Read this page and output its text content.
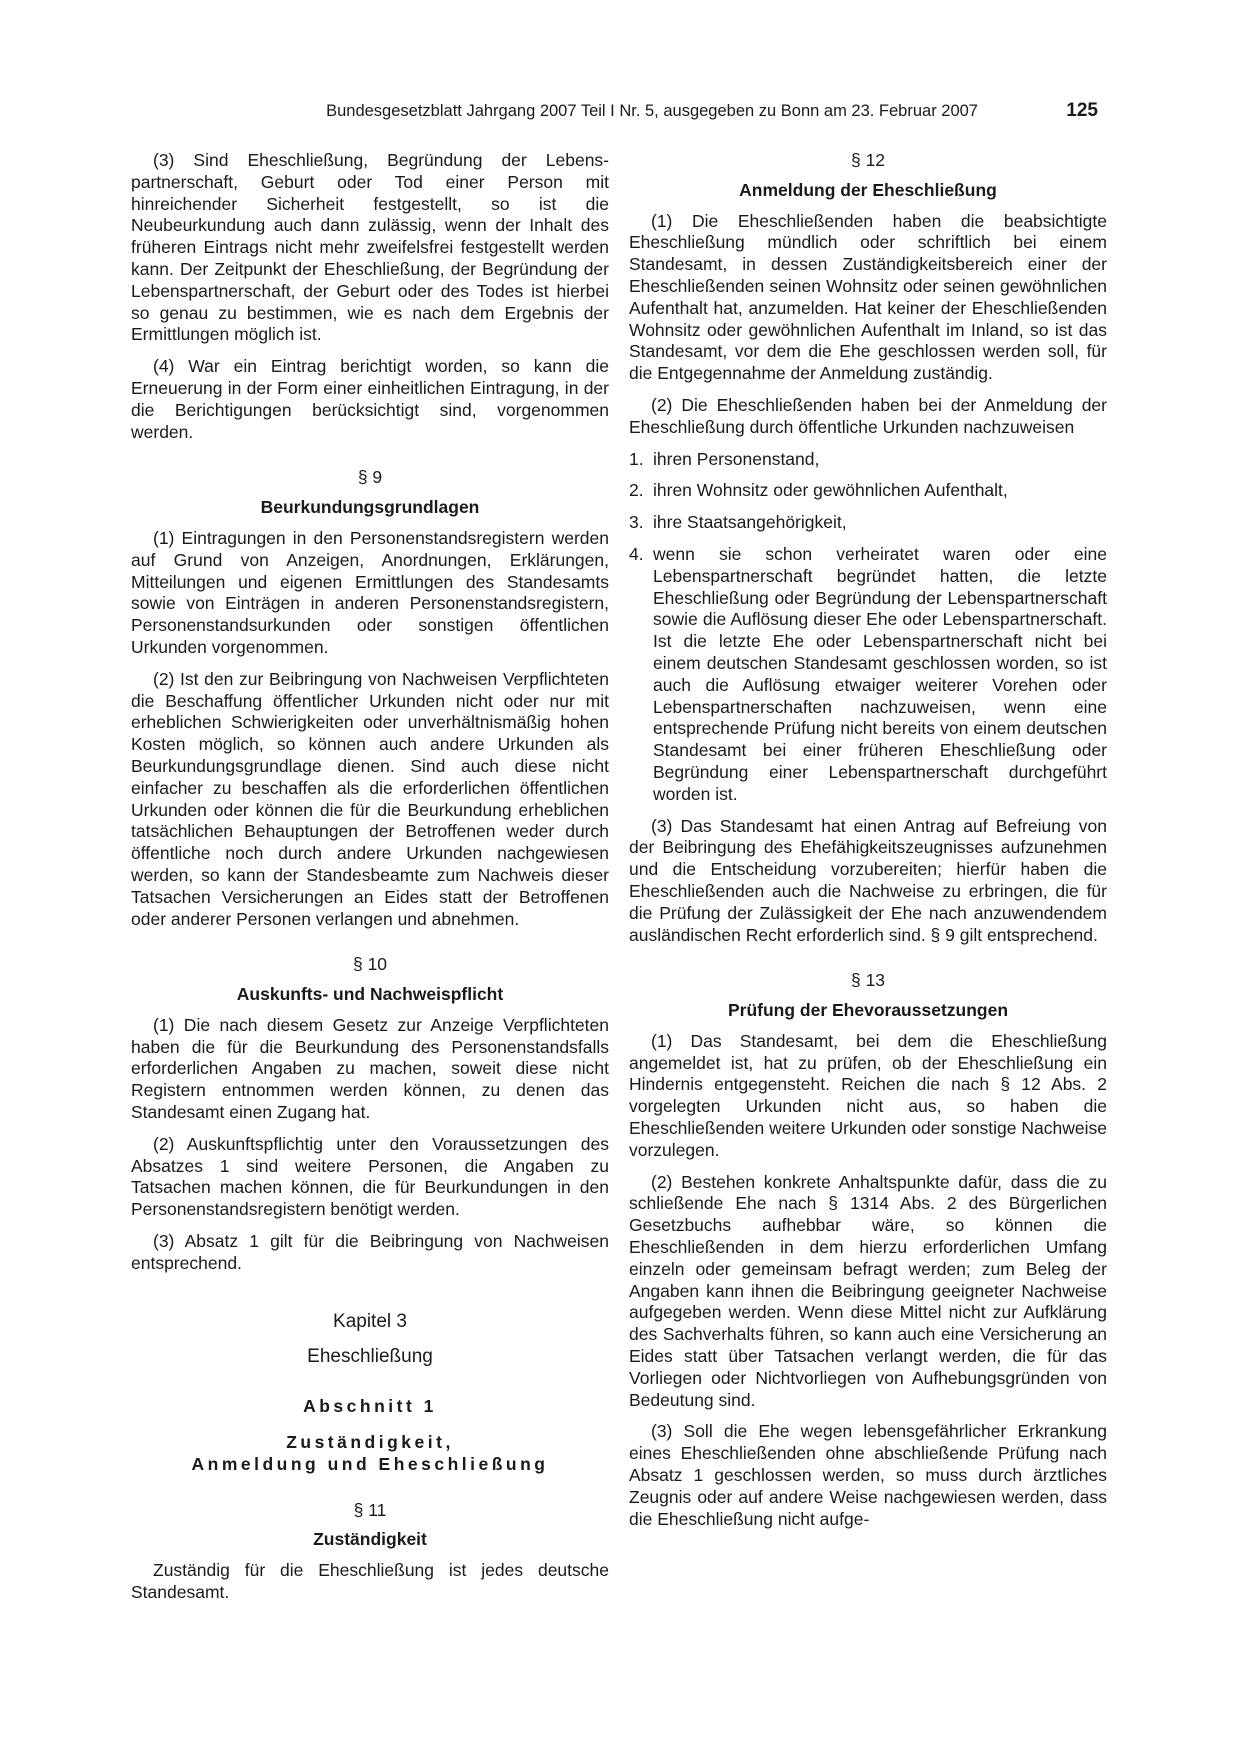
Bundesgesetzblatt Jahrgang 2007 Teil I Nr. 5, ausgegeben zu Bonn am 23. Februar 2007	125

(3) Sind Eheschließung, Begründung der Lebens-partnerschaft, Geburt oder Tod einer Person mit hinreichender Sicherheit festgestellt, so ist die Neubeurkundung auch dann zulässig, wenn der Inhalt des früheren Eintrags nicht mehr zweifelsfrei festgestellt werden kann. Der Zeitpunkt der Eheschließung, der Begründung der Lebenspartnerschaft, der Geburt oder des Todes ist hierbei so genau zu bestimmen, wie es nach dem Ergebnis der Ermittlungen möglich ist.

(4) War ein Eintrag berichtigt worden, so kann die Erneuerung in der Form einer einheitlichen Eintragung, in der die Berichtigungen berücksichtigt sind, vorgenommen werden.

§ 9
Beurkundungsgrundlagen

(1) Eintragungen in den Personenstandsregistern werden auf Grund von Anzeigen, Anordnungen, Erklärungen, Mitteilungen und eigenen Ermittlungen des Standesamts sowie von Einträgen in anderen Personenstandsregistern, Personenstandsurkunden oder sonstigen öffentlichen Urkunden vorgenommen.

(2) Ist den zur Beibringung von Nachweisen Verpflichteten die Beschaffung öffentlicher Urkunden nicht oder nur mit erheblichen Schwierigkeiten oder unverhältnismäßig hohen Kosten möglich, so können auch andere Urkunden als Beurkundungsgrundlage dienen. Sind auch diese nicht einfacher zu beschaffen als die erforderlichen öffentlichen Urkunden oder können die für die Beurkundung erheblichen tatsächlichen Behauptungen der Betroffenen weder durch öffentliche noch durch andere Urkunden nachgewiesen werden, so kann der Standesbeamte zum Nachweis dieser Tatsachen Versicherungen an Eides statt der Betroffenen oder anderer Personen verlangen und abnehmen.

§ 10
Auskunfts- und Nachweispflicht

(1) Die nach diesem Gesetz zur Anzeige Verpflichteten haben die für die Beurkundung des Personenstandsfalls erforderlichen Angaben zu machen, soweit diese nicht Registern entnommen werden können, zu denen das Standesamt einen Zugang hat.

(2) Auskunftspflichtig unter den Voraussetzungen des Absatzes 1 sind weitere Personen, die Angaben zu Tatsachen machen können, die für Beurkundungen in den Personenstandsregistern benötigt werden.

(3) Absatz 1 gilt für die Beibringung von Nachweisen entsprechend.

Kapitel 3
Eheschließung
Abschnitt 1
Zuständigkeit,
Anmeldung und Eheschließung
§ 11
Zuständigkeit

Zuständig für die Eheschließung ist jedes deutsche Standesamt.

§ 12
Anmeldung der Eheschließung

(1) Die Eheschließenden haben die beabsichtigte Eheschließung mündlich oder schriftlich bei einem Standesamt, in dessen Zuständigkeitsbereich einer der Eheschließenden seinen Wohnsitz oder seinen gewöhnlichen Aufenthalt hat, anzumelden. Hat keiner der Eheschließenden Wohnsitz oder gewöhnlichen Aufenthalt im Inland, so ist das Standesamt, vor dem die Ehe geschlossen werden soll, für die Entgegennahme der Anmeldung zuständig.

(2) Die Eheschließenden haben bei der Anmeldung der Eheschließung durch öffentliche Urkunden nachzuweisen

1. ihren Personenstand,
2. ihren Wohnsitz oder gewöhnlichen Aufenthalt,
3. ihre Staatsangehörigkeit,
4. wenn sie schon verheiratet waren oder eine Lebenspartnerschaft begründet hatten, die letzte Eheschließung oder Begründung der Lebenspartnerschaft sowie die Auflösung dieser Ehe oder Lebenspartnerschaft. Ist die letzte Ehe oder Lebenspartnerschaft nicht bei einem deutschen Standesamt geschlossen worden, so ist auch die Auflösung etwaiger weiterer Vorehen oder Lebenspartnerschaften nachzuweisen, wenn eine entsprechende Prüfung nicht bereits von einem deutschen Standesamt bei einer früheren Eheschließung oder Begründung einer Lebenspartnerschaft durchgeführt worden ist.

(3) Das Standesamt hat einen Antrag auf Befreiung von der Beibringung des Ehefähigkeitszeugnisses aufzunehmen und die Entscheidung vorzubereiten; hierfür haben die Eheschließenden auch die Nachweise zu erbringen, die für die Prüfung der Zulässigkeit der Ehe nach anzuwendendem ausländischen Recht erforderlich sind. § 9 gilt entsprechend.

§ 13
Prüfung der Ehevoraussetzungen

(1) Das Standesamt, bei dem die Eheschließung angemeldet ist, hat zu prüfen, ob der Eheschließung ein Hindernis entgegensteht. Reichen die nach § 12 Abs. 2 vorgelegten Urkunden nicht aus, so haben die Eheschließenden weitere Urkunden oder sonstige Nachweise vorzulegen.

(2) Bestehen konkrete Anhaltspunkte dafür, dass die zu schließende Ehe nach § 1314 Abs. 2 des Bürgerlichen Gesetzbuchs aufhebbar wäre, so können die Eheschließenden in dem hierzu erforderlichen Umfang einzeln oder gemeinsam befragt werden; zum Beleg der Angaben kann ihnen die Beibringung geeigneter Nachweise aufgegeben werden. Wenn diese Mittel nicht zur Aufklärung des Sachverhalts führen, so kann auch eine Versicherung an Eides statt über Tatsachen verlangt werden, die für das Vorliegen oder Nichtvorliegen von Aufhebungsgründen von Bedeutung sind.

(3) Soll die Ehe wegen lebensgefährlicher Erkrankung eines Eheschließenden ohne abschließende Prüfung nach Absatz 1 geschlossen werden, so muss durch ärztliches Zeugnis oder auf andere Weise nachgewiesen werden, dass die Eheschließung nicht aufge-
